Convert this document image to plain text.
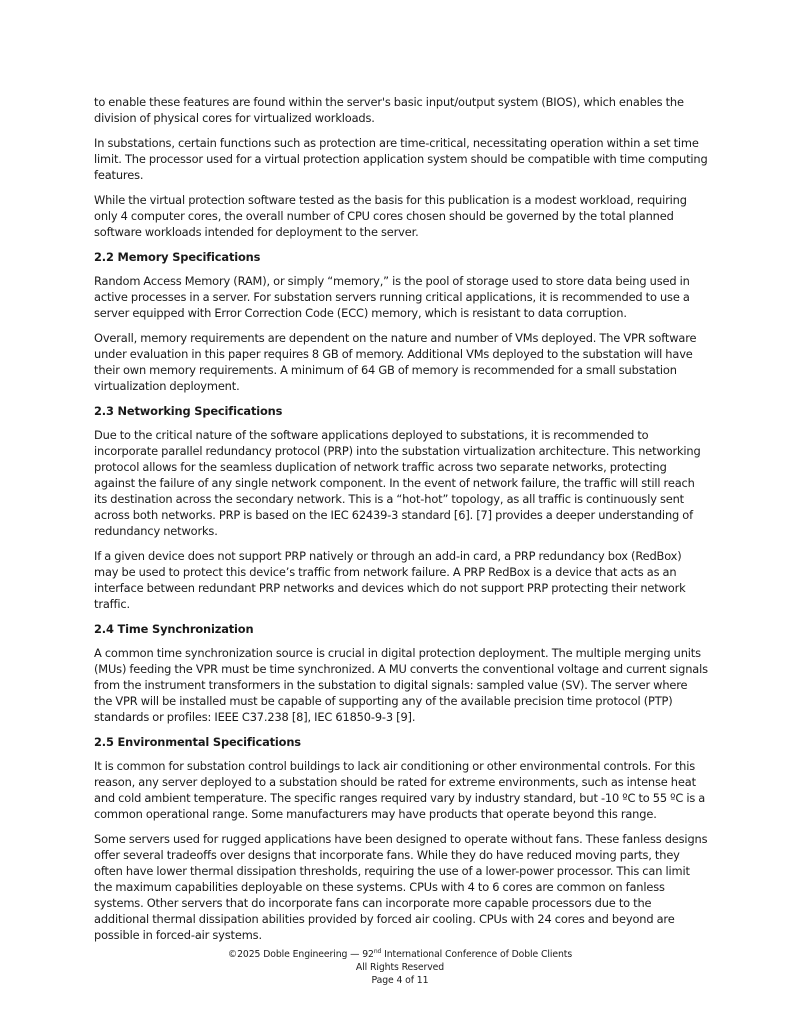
to enable these features are found within the server's basic input/output system (BIOS), which enables the division of physical cores for virtualized workloads.

In substations, certain functions such as protection are time-critical, necessitating operation within a set time limit. The processor used for a virtual protection application system should be compatible with time computing features.

While the virtual protection software tested as the basis for this publication is a modest workload, requiring only 4 computer cores, the overall number of CPU cores chosen should be governed by the total planned software workloads intended for deployment to the server.

2.2 Memory Specifications

Random Access Memory (RAM), or simply “memory,” is the pool of storage used to store data being used in active processes in a server. For substation servers running critical applications, it is recommended to use a server equipped with Error Correction Code (ECC) memory, which is resistant to data corruption.

Overall, memory requirements are dependent on the nature and number of VMs deployed. The VPR software under evaluation in this paper requires 8 GB of memory. Additional VMs deployed to the substation will have their own memory requirements. A minimum of 64 GB of memory is recommended for a small substation virtualization deployment.

2.3 Networking Specifications

Due to the critical nature of the software applications deployed to substations, it is recommended to incorporate parallel redundancy protocol (PRP) into the substation virtualization architecture. This networking protocol allows for the seamless duplication of network traffic across two separate networks, protecting against the failure of any single network component. In the event of network failure, the traffic will still reach its destination across the secondary network. This is a “hot-hot” topology, as all traffic is continuously sent across both networks. PRP is based on the IEC 62439-3 standard [6]. [7] provides a deeper understanding of redundancy networks.

If a given device does not support PRP natively or through an add-in card, a PRP redundancy box (RedBox) may be used to protect this device’s traffic from network failure. A PRP RedBox is a device that acts as an interface between redundant PRP networks and devices which do not support PRP protecting their network traffic.

2.4 Time Synchronization

A common time synchronization source is crucial in digital protection deployment. The multiple merging units (MUs) feeding the VPR must be time synchronized. A MU converts the conventional voltage and current signals from the instrument transformers in the substation to digital signals: sampled value (SV). The server where the VPR will be installed must be capable of supporting any of the available precision time protocol (PTP) standards or profiles: IEEE C37.238 [8], IEC 61850-9-3 [9].

2.5 Environmental Specifications

It is common for substation control buildings to lack air conditioning or other environmental controls. For this reason, any server deployed to a substation should be rated for extreme environments, such as intense heat and cold ambient temperature. The specific ranges required vary by industry standard, but -10 ºC to 55 ºC is a common operational range. Some manufacturers may have products that operate beyond this range.

Some servers used for rugged applications have been designed to operate without fans. These fanless designs offer several tradeoffs over designs that incorporate fans. While they do have reduced moving parts, they often have lower thermal dissipation thresholds, requiring the use of a lower-power processor. This can limit the maximum capabilities deployable on these systems. CPUs with 4 to 6 cores are common on fanless systems. Other servers that do incorporate fans can incorporate more capable processors due to the additional thermal dissipation abilities provided by forced air cooling. CPUs with 24 cores and beyond are possible in forced-air systems.

©2025 Doble Engineering — 92nd International Conference of Doble Clients
All Rights Reserved
Page 4 of 11
